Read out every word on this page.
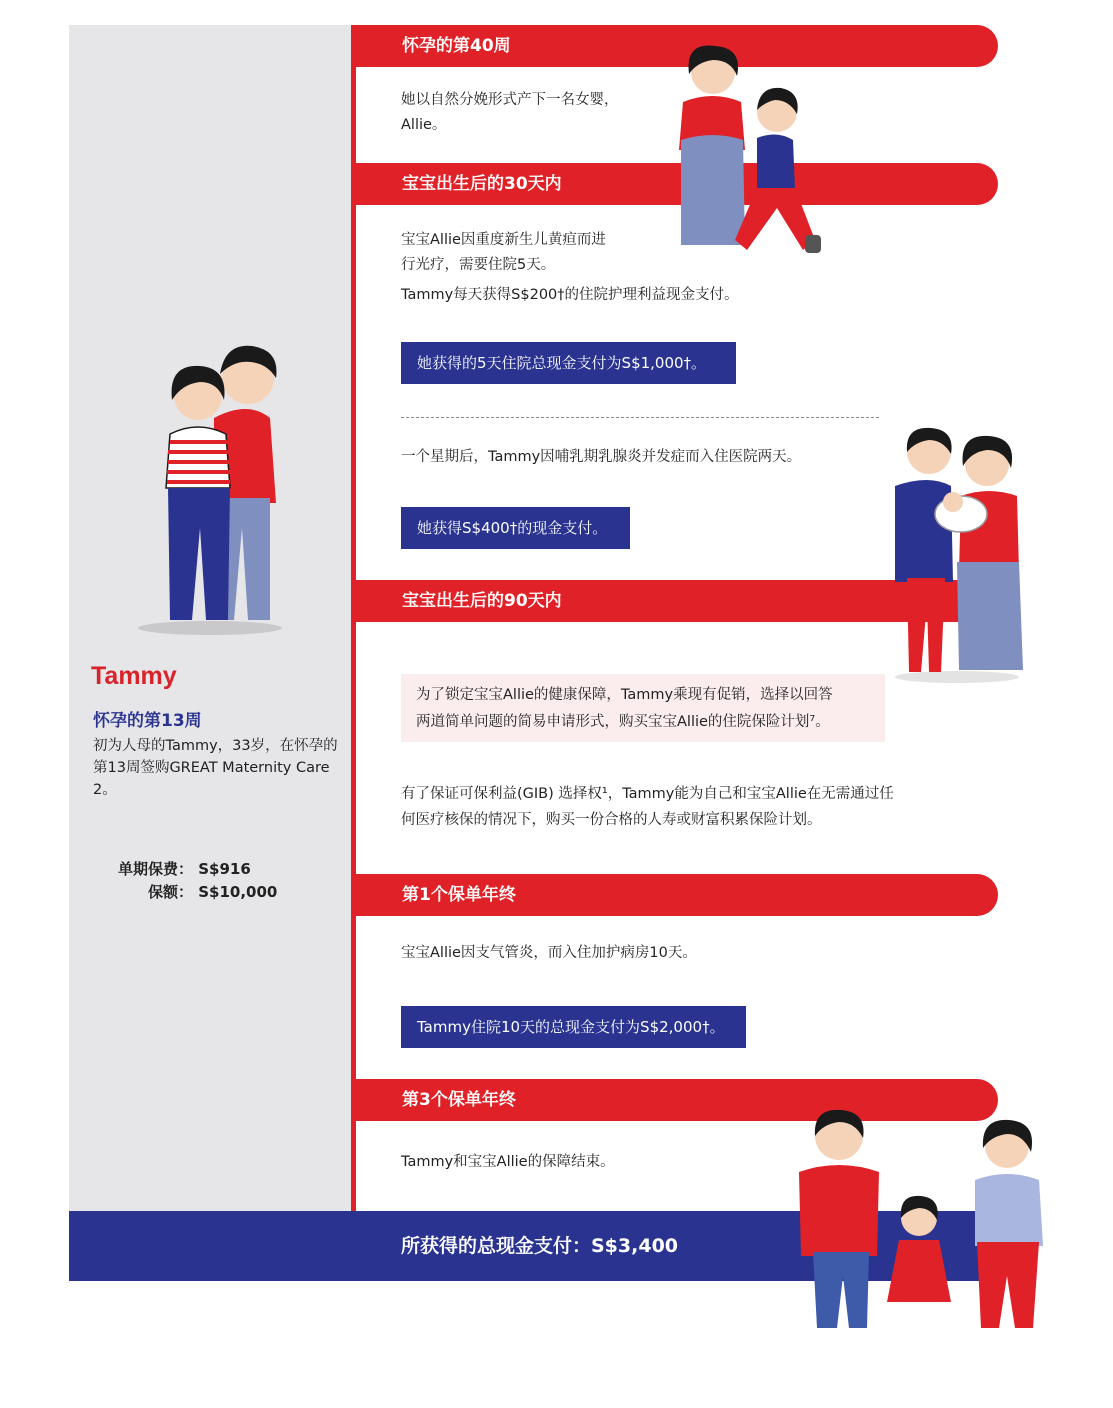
Tammy
怀孕的第13周
初为人母的Tammy，33岁，在怀孕的第13周签购GREAT Maternity Care 2。
单期保费： S$916
保额： S$10,000
怀孕的第40周
她以自然分娩形式产下一名女婴，
Allie。
宝宝出生后的30天内
宝宝Allie因重度新生儿黄疸而进
行光疗，需要住院5天。
Tammy每天获得S$200†的住院护理利益现金支付。
她获得的5天住院总现金支付为S$1,000†。
一个星期后，Tammy因哺乳期乳腺炎并发症而入住医院两天。
她获得S$400†的现金支付。
宝宝出生后的90天内
为了锁定宝宝Allie的健康保障，Tammy乘现有促销，选择以回答
两道简单问题的简易申请形式，购买宝宝Allie的住院保险计划⁷。
有了保证可保利益(GIB) 选择权¹，Tammy能为自己和宝宝Allie在无需通过任
何医疗核保的情况下，购买一份合格的人寿或财富积累保险计划。
第1个保单年终
宝宝Allie因支气管炎，而入住加护病房10天。
Tammy住院10天的总现金支付为S$2,000†。
第3个保单年终
Tammy和宝宝Allie的保障结束。
所获得的总现金支付：S$3,400
